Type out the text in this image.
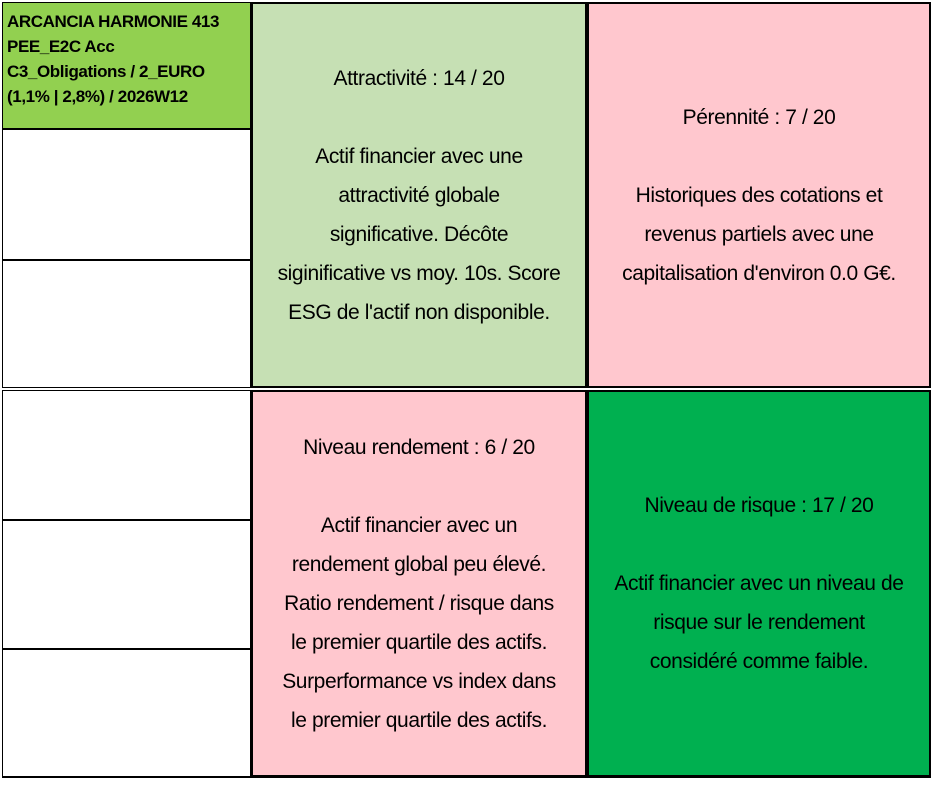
ARCANCIA HARMONIE 413
PEE_E2C Acc
C3_Obligations / 2_EURO
(1,1% | 2,8%) / 2026W12
Attractivité : 14 / 20
Actif financier avec une
attractivité globale
significative. Décôte
siginificative vs moy. 10s. Score
ESG de l'actif non disponible.
Pérennité : 7 / 20
Historiques des cotations et
revenus partiels avec une
capitalisation d'environ 0.0 G€.
Niveau rendement : 6 / 20
Actif financier avec un
rendement global peu élevé.
Ratio rendement / risque dans
le premier quartile des actifs.
Surperformance vs index dans
le premier quartile des actifs.
Niveau de risque : 17 / 20
Actif financier avec un niveau de
risque sur le rendement
considéré comme faible.
